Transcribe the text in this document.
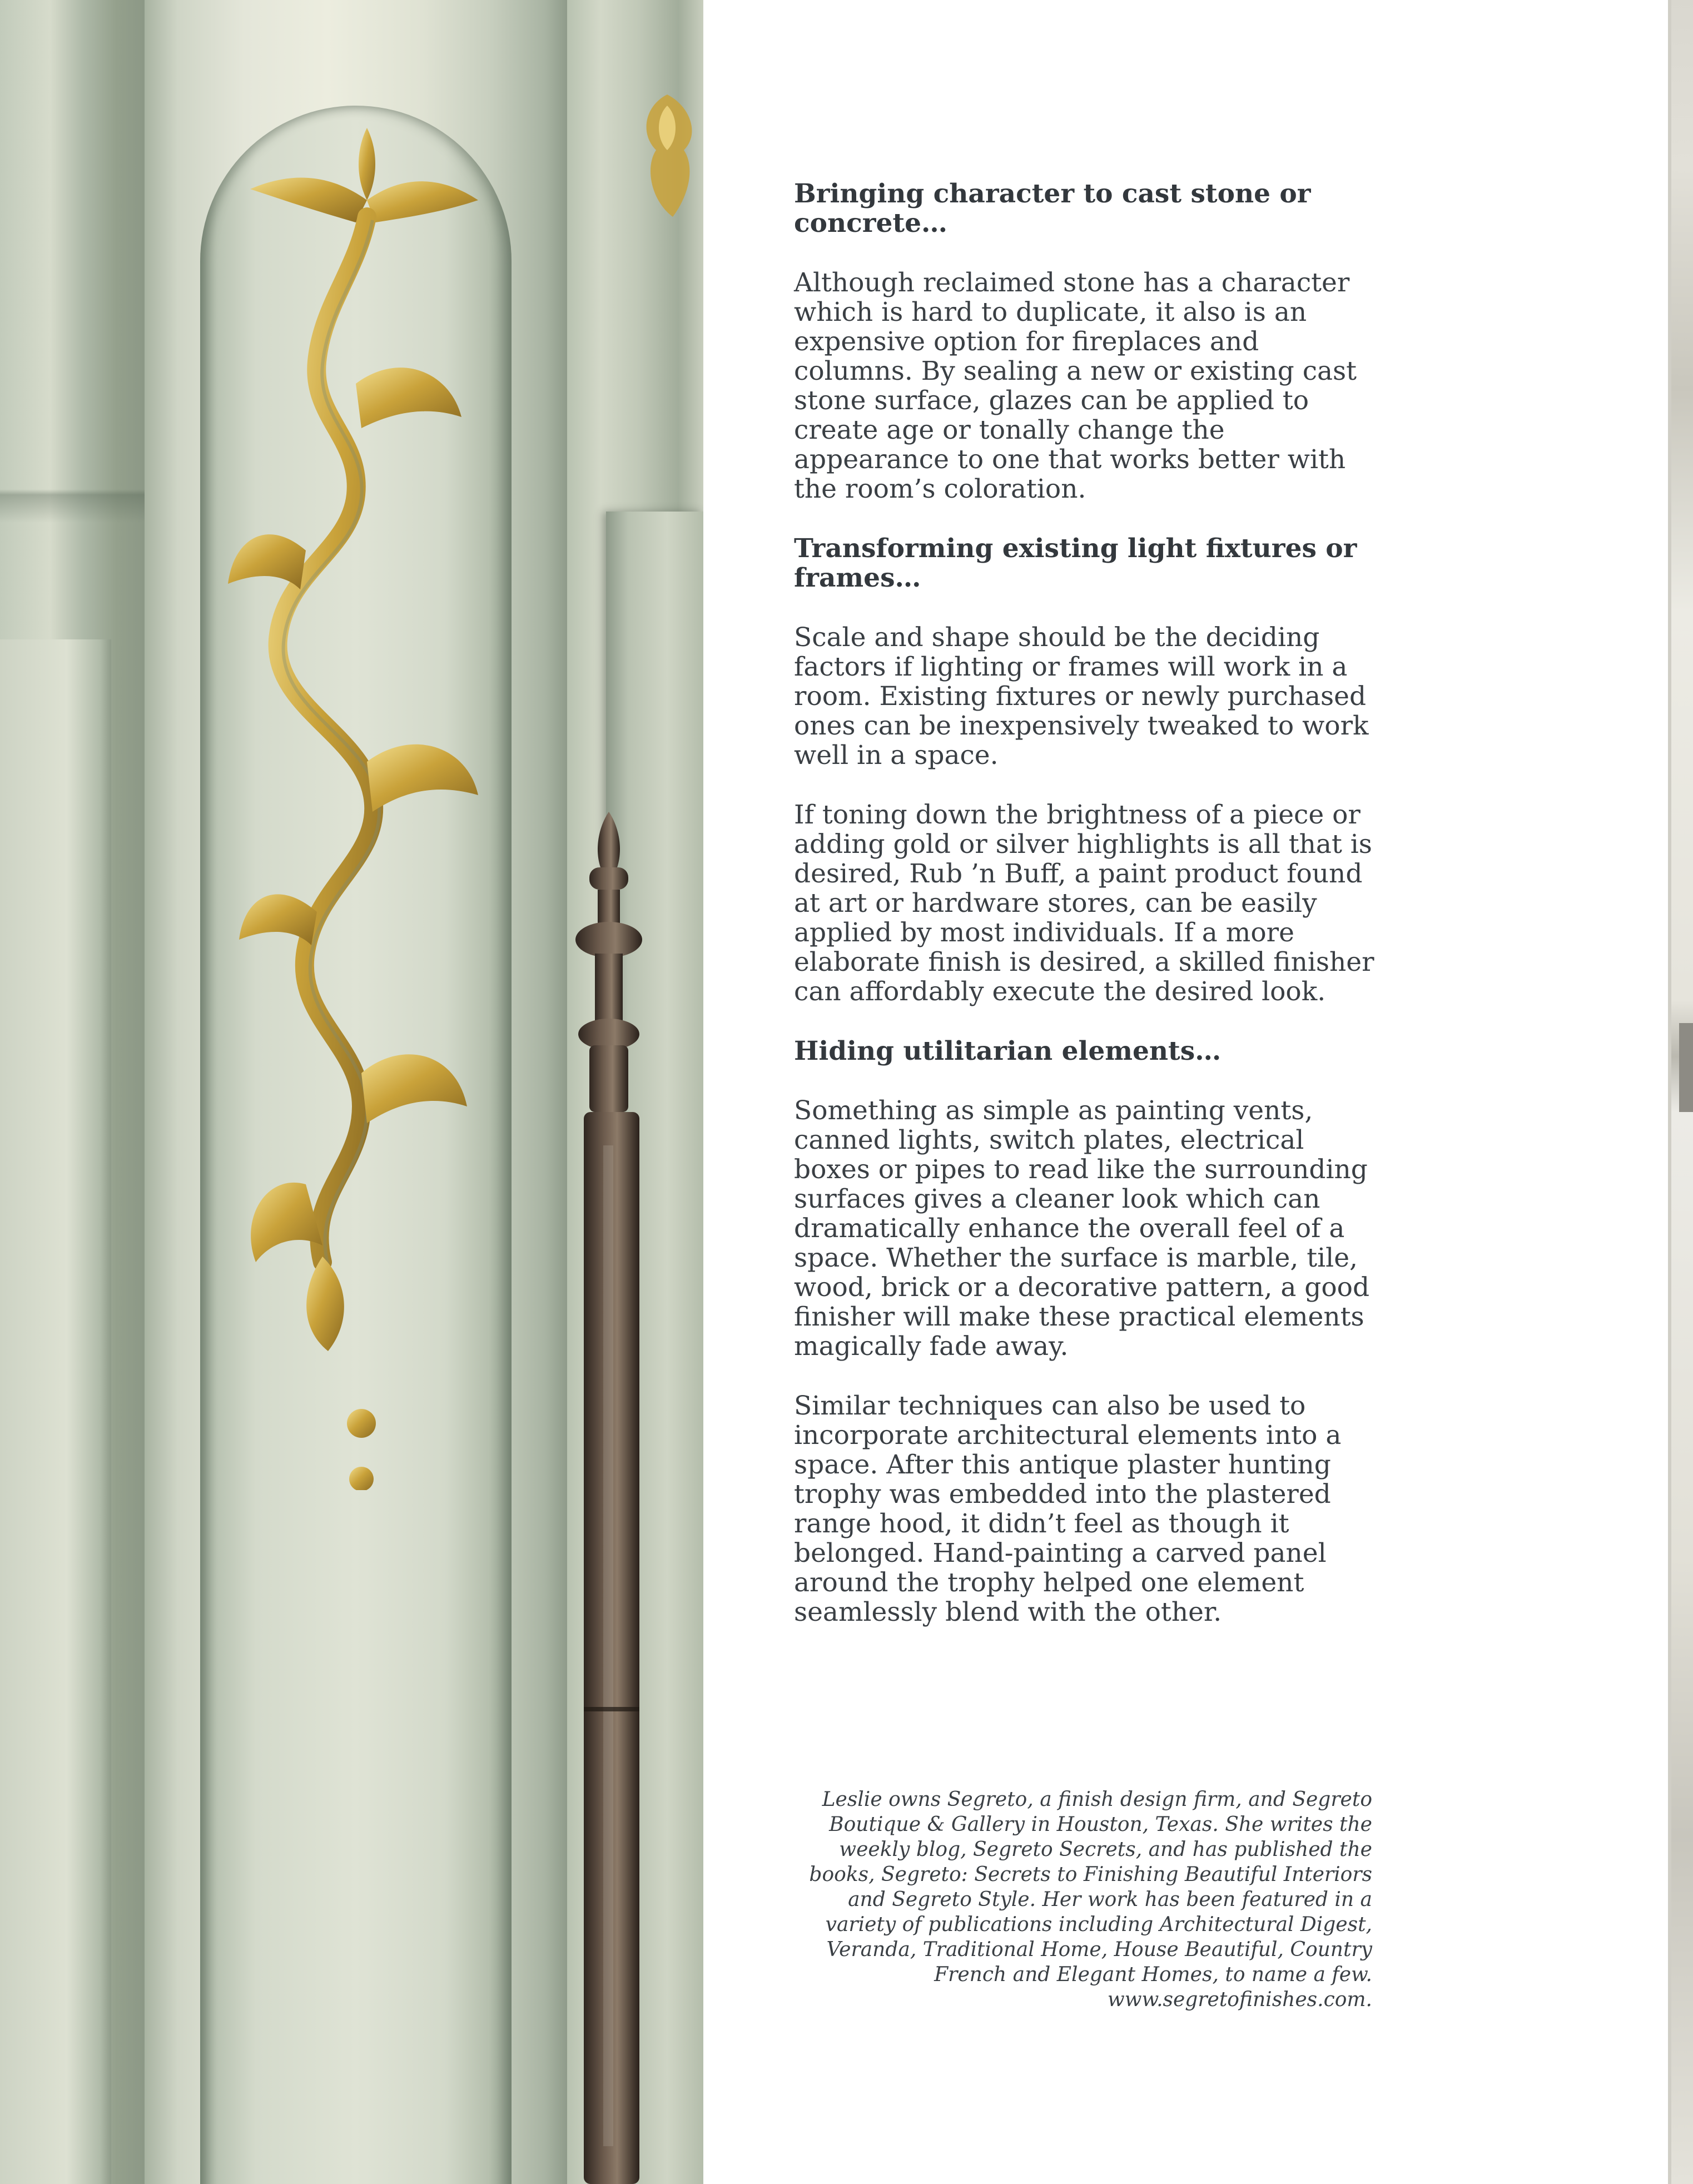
Bringing character to cast stone or concrete…

Although reclaimed stone has a character which is hard to duplicate, it also is an expensive option for fireplaces and columns. By sealing a new or existing cast stone surface, glazes can be applied to create age or tonally change the appearance to one that works better with the room’s coloration.

Transforming existing light fixtures or frames…

Scale and shape should be the deciding factors if lighting or frames will work in a room. Existing fixtures or newly purchased ones can be inexpensively tweaked to work well in a space.

If toning down the brightness of a piece or adding gold or silver highlights is all that is desired, Rub ’n Buff, a paint product found at art or hardware stores, can be easily applied by most individuals. If a more elaborate finish is desired, a skilled finisher can affordably execute the desired look.

Hiding utilitarian elements…

Something as simple as painting vents, canned lights, switch plates, electrical boxes or pipes to read like the surrounding surfaces gives a cleaner look which can dramatically enhance the overall feel of a space. Whether the surface is marble, tile, wood, brick or a decorative pattern, a good finisher will make these practical elements magically fade away.

Similar techniques can also be used to incorporate architectural elements into a space. After this antique plaster hunting trophy was embedded into the plastered range hood, it didn’t feel as though it belonged. Hand-painting a carved panel around the trophy helped one element seamlessly blend with the other.

Leslie owns Segreto, a finish design firm, and Segreto Boutique & Gallery in Houston, Texas. She writes the weekly blog, Segreto Secrets, and has published the books, Segreto: Secrets to Finishing Beautiful Interiors and Segreto Style. Her work has been featured in a variety of publications including Architectural Digest, Veranda, Traditional Home, House Beautiful, Country French and Elegant Homes, to name a few. www.segretofinishes.com.
